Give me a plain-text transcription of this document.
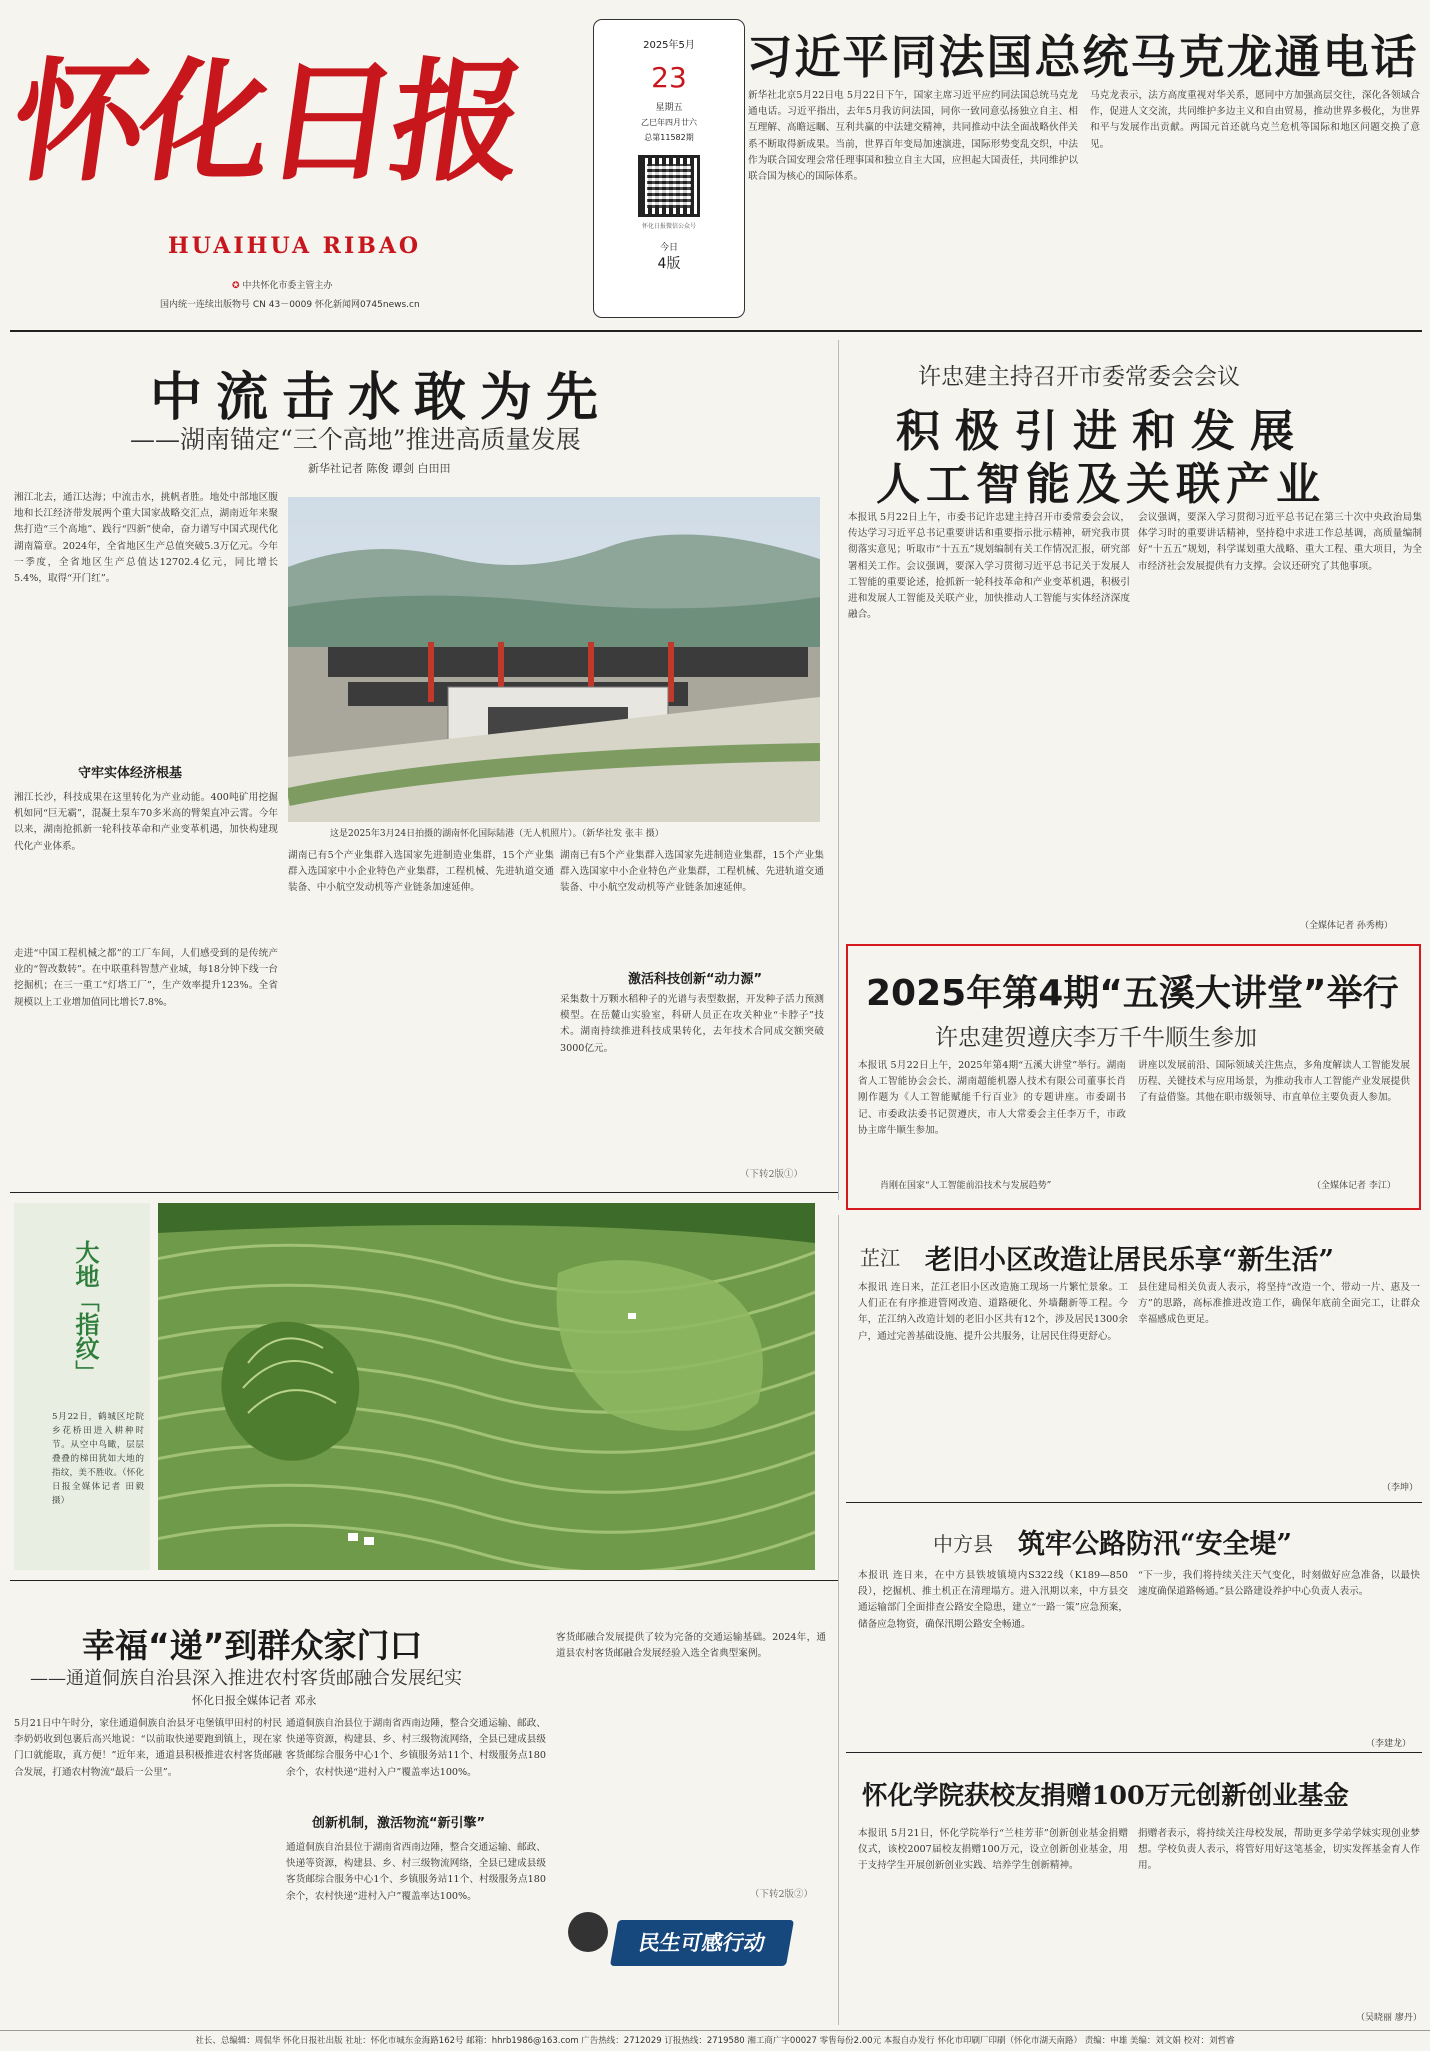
怀化日报
HUAIHUA RIBAO
✪ 中共怀化市委主管主办
国内统一连续出版物号 CN 43－0009 怀化新闻网0745news.cn
2025年5月
23
星期五
乙巳年四月廿六
总第11582期
怀化日报微信公众号
今日
4版
习近平同法国总统马克龙通电话
新华社北京5月22日电 5月22日下午，国家主席习近平应约同法国总统马克龙通电话。习近平指出，去年5月我访问法国，同你一致同意弘扬独立自主、相互理解、高瞻远瞩、互利共赢的中法建交精神，共同推动中法全面战略伙伴关系不断取得新成果。当前，世界百年变局加速演进，国际形势变乱交织，中法作为联合国安理会常任理事国和独立自主大国，应担起大国责任，共同维护以联合国为核心的国际体系。
马克龙表示，法方高度重视对华关系，愿同中方加强高层交往，深化各领域合作，促进人文交流，共同维护多边主义和自由贸易，推动世界多极化，为世界和平与发展作出贡献。两国元首还就乌克兰危机等国际和地区问题交换了意见。
中流击水敢为先
——湖南锚定“三个高地”推进高质量发展
新华社记者 陈俊 谭剑 白田田
湘江北去，通江达海；中流击水，挑帆者胜。地处中部地区腹地和长江经济带发展两个重大国家战略交汇点，湖南近年来聚焦打造“三个高地”、践行“四新”使命，奋力谱写中国式现代化湖南篇章。2024年，全省地区生产总值突破5.3万亿元。今年一季度，全省地区生产总值达12702.4亿元，同比增长5.4%，取得“开门红”。
守牢实体经济根基
湘江长沙，科技成果在这里转化为产业动能。400吨矿用挖掘机如同“巨无霸”，混凝土泵车70多米高的臂架直冲云霄。今年以来，湖南抢抓新一轮科技革命和产业变革机遇，加快构建现代化产业体系。
走进“中国工程机械之都”的工厂车间，人们感受到的是传统产业的“智改数转”。在中联重科智慧产业城，每18分钟下线一台挖掘机；在三一重工“灯塔工厂”，生产效率提升123%。全省规模以上工业增加值同比增长7.8%。
这是2025年3月24日拍摄的湖南怀化国际陆港（无人机照片）。（新华社发 张丰 摄）
湖南已有5个产业集群入选国家先进制造业集群，15个产业集群入选国家中小企业特色产业集群，工程机械、先进轨道交通装备、中小航空发动机等产业链条加速延伸。
湖南已有5个产业集群入选国家先进制造业集群，15个产业集群入选国家中小企业特色产业集群，工程机械、先进轨道交通装备、中小航空发动机等产业链条加速延伸。
激活科技创新“动力源”
采集数十万颗水稻种子的光谱与表型数据，开发种子活力预测模型。在岳麓山实验室，科研人员正在攻关种业“卡脖子”技术。湖南持续推进科技成果转化，去年技术合同成交额突破3000亿元。
（下转2版①）
许忠建主持召开市委常委会会议
积极引进和发展
人工智能及关联产业
本报讯 5月22日上午，市委书记许忠建主持召开市委常委会会议，传达学习习近平总书记重要讲话和重要指示批示精神，研究我市贯彻落实意见；听取市“十五五”规划编制有关工作情况汇报，研究部署相关工作。会议强调，要深入学习贯彻习近平总书记关于发展人工智能的重要论述，抢抓新一轮科技革命和产业变革机遇，积极引进和发展人工智能及关联产业，加快推动人工智能与实体经济深度融合。
会议强调，要深入学习贯彻习近平总书记在第三十次中央政治局集体学习时的重要讲话精神，坚持稳中求进工作总基调，高质量编制好“十五五”规划，科学谋划重大战略、重大工程、重大项目，为全市经济社会发展提供有力支撑。会议还研究了其他事项。
（全媒体记者 孙秀梅）
2025年第4期“五溪大讲堂”举行
许忠建贺遵庆李万千牛顺生参加
本报讯 5月22日上午，2025年第4期“五溪大讲堂”举行。湖南省人工智能协会会长、湖南超能机器人技术有限公司董事长肖刚作题为《人工智能赋能千行百业》的专题讲座。市委副书记、市委政法委书记贺遵庆，市人大常委会主任李万千，市政协主席牛顺生参加。
讲座以发展前沿、国际领域关注焦点，多角度解读人工智能发展历程、关键技术与应用场景，为推动我市人工智能产业发展提供了有益借鉴。其他在职市级领导、市直单位主要负责人参加。
肖刚在国家“人工智能前沿技术与发展趋势”	（全媒体记者 李江）
大地「指纹」
5月22日，鹤城区坨院乡花桥田进入耕种时节。从空中鸟瞰，层层叠叠的梯田犹如大地的指纹，美不胜收。（怀化日报全媒体记者 田毅 摄）
芷江 老旧小区改造让居民乐享“新生活”
本报讯 连日来，芷江老旧小区改造施工现场一片繁忙景象。工人们正在有序推进管网改造、道路硬化、外墙翻新等工程。今年，芷江纳入改造计划的老旧小区共有12个，涉及居民1300余户，通过完善基础设施、提升公共服务，让居民住得更舒心。
县住建局相关负责人表示，将坚持“改造一个、带动一片、惠及一方”的思路，高标准推进改造工作，确保年底前全面完工，让群众幸福感成色更足。
（李坤）
中方县 筑牢公路防汛“安全堤”
本报讯 连日来，在中方县铁坡镇境内S322线（K189—850段），挖掘机、推土机正在清理塌方。进入汛期以来，中方县交通运输部门全面排查公路安全隐患，建立“一路一策”应急预案，储备应急物资，确保汛期公路安全畅通。
“下一步，我们将持续关注天气变化，时刻做好应急准备，以最快速度确保道路畅通。”县公路建设养护中心负责人表示。
（李建龙）
怀化学院获校友捐赠100万元创新创业基金
本报讯 5月21日，怀化学院举行“兰桂芳菲”创新创业基金捐赠仪式，该校2007届校友捐赠100万元，设立创新创业基金，用于支持学生开展创新创业实践、培养学生创新精神。
捐赠者表示，将持续关注母校发展，帮助更多学弟学妹实现创业梦想。学校负责人表示，将管好用好这笔基金，切实发挥基金育人作用。
（吴晓丽 廖丹）
幸福“递”到群众家门口
——通道侗族自治县深入推进农村客货邮融合发展纪实
怀化日报全媒体记者 邓永
5月21日中午时分，家住通道侗族自治县牙屯堡镇甲田村的村民李奶奶收到包裹后高兴地说：“以前取快递要跑到镇上，现在家门口就能取，真方便！”近年来，通道县积极推进农村客货邮融合发展，打通农村物流“最后一公里”。
创新机制，激活物流“新引擎”
通道侗族自治县位于湖南省西南边陲，整合交通运输、邮政、快递等资源，构建县、乡、村三级物流网络，全县已建成县级客货邮综合服务中心1个、乡镇服务站11个、村级服务点180余个，农村快递“进村入户”覆盖率达100%。
通道侗族自治县位于湖南省西南边陲，整合交通运输、邮政、快递等资源，构建县、乡、村三级物流网络，全县已建成县级客货邮综合服务中心1个、乡镇服务站11个、村级服务点180余个，农村快递“进村入户”覆盖率达100%。
客货邮融合发展提供了较为完备的交通运输基础。2024年，通道县农村客货邮融合发展经验入选全省典型案例。
（下转2版②）
民生可感行动
社长、总编辑：周侃华 怀化日报社出版 社址：怀化市城东金海路162号 邮箱：hhrb1986@163.com 广告热线：2712029 订报热线：2719580 湘工商广字00027 零售每份2.00元 本报自办发行 怀化市印刷厂印刷（怀化市湖天南路） 责编：申雄 美编：刘文娟 校对：刘哲睿
